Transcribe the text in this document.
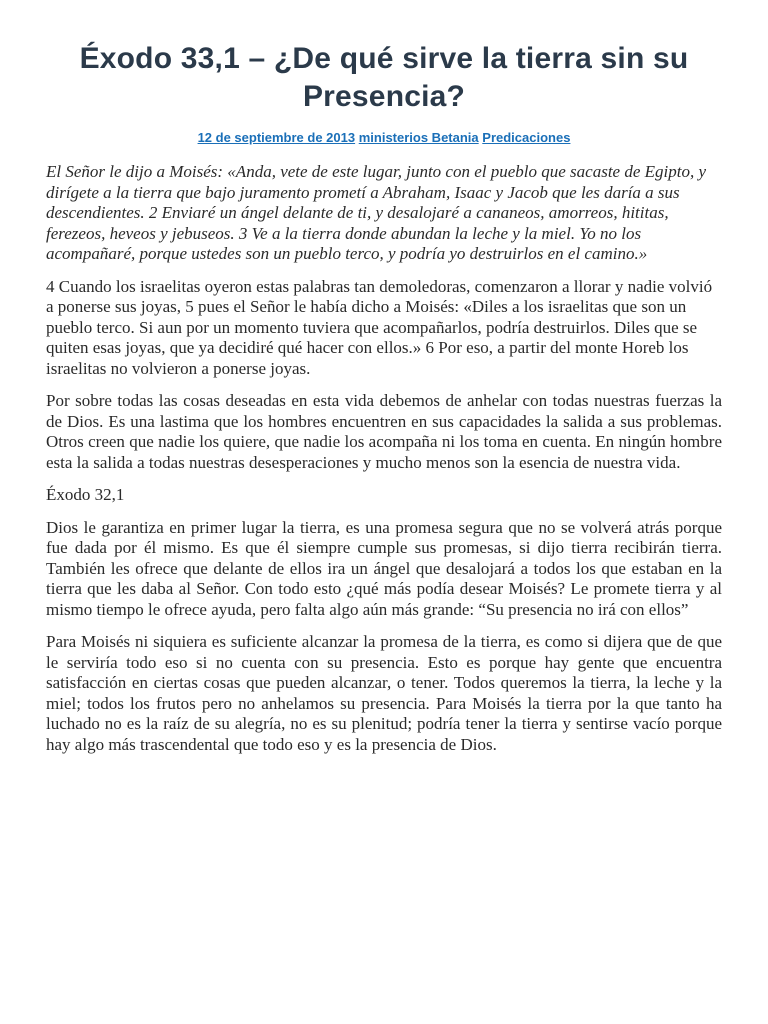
Éxodo 33,1 – ¿De qué sirve la tierra sin su Presencia?
12 de septiembre de 2013 ministerios Betania Predicaciones

El Señor le dijo a Moisés: «Anda, vete de este lugar, junto con el pueblo que sacaste de Egipto, y dirígete a la tierra que bajo juramento prometí a Abraham, Isaac y Jacob que les daría a sus descendientes. 2 Enviaré un ángel delante de ti, y desalojaré a cananeos, amorreos, hititas, ferezeos, heveos y jebuseos. 3 Ve a la tierra donde abundan la leche y la miel. Yo no los acompañaré, porque ustedes son un pueblo terco, y podría yo destruirlos en el camino.»

4 Cuando los israelitas oyeron estas palabras tan demoledoras, comenzaron a llorar y nadie volvió a ponerse sus joyas, 5 pues el Señor le había dicho a Moisés: «Diles a los israelitas que son un pueblo terco. Si aun por un momento tuviera que acompañarlos, podría destruirlos. Diles que se quiten esas joyas, que ya decidiré qué hacer con ellos.» 6 Por eso, a partir del monte Horeb los israelitas no volvieron a ponerse joyas.

Por sobre todas las cosas deseadas en esta vida debemos de anhelar con todas nuestras fuerzas la de Dios. Es una lastima que los hombres encuentren en sus capacidades la salida a sus problemas. Otros creen que nadie los quiere, que nadie los acompaña ni los toma en cuenta. En ningún hombre esta la salida a todas nuestras desesperaciones y mucho menos son la esencia de nuestra vida.

Éxodo 32,1

Dios le garantiza en primer lugar la tierra, es una promesa segura que no se volverá atrás porque fue dada por él mismo. Es que él siempre cumple sus promesas, si dijo tierra recibirán tierra. También les ofrece que delante de ellos ira un ángel que desalojará a todos los que estaban en la tierra que les daba al Señor. Con todo esto ¿qué más podía desear Moisés? Le promete tierra y al mismo tiempo le ofrece ayuda, pero falta algo aún más grande: “Su presencia no irá con ellos”

Para Moisés ni siquiera es suficiente alcanzar la promesa de la tierra, es como si dijera que de que le serviría todo eso si no cuenta con su presencia. Esto es porque hay gente que encuentra satisfacción en ciertas cosas que pueden alcanzar, o tener. Todos queremos la tierra, la leche y la miel; todos los frutos pero no anhelamos su presencia. Para Moisés la tierra por la que tanto ha luchado no es la raíz de su alegría, no es su plenitud; podría tener la tierra y sentirse vacío porque hay algo más trascendental que todo eso y es la presencia de Dios.
